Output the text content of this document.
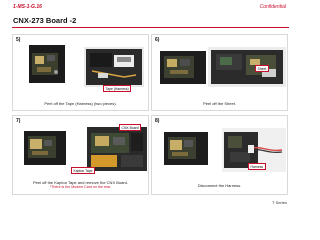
1-MS-1-G.16	Confidential
CNX-273 Board -2
5)
Tape (Harness)
Peel off the Tape (Harness) (two pieces).
6)
Sheet
Peel off the Sheet.
7)
CNX Board
Kapton Tape
Peel off the Kapton Tape and remove the CNX Board.
*There is the Modem Card on the rear.
8)
Harness
Disconnect the Harness.
T Series
